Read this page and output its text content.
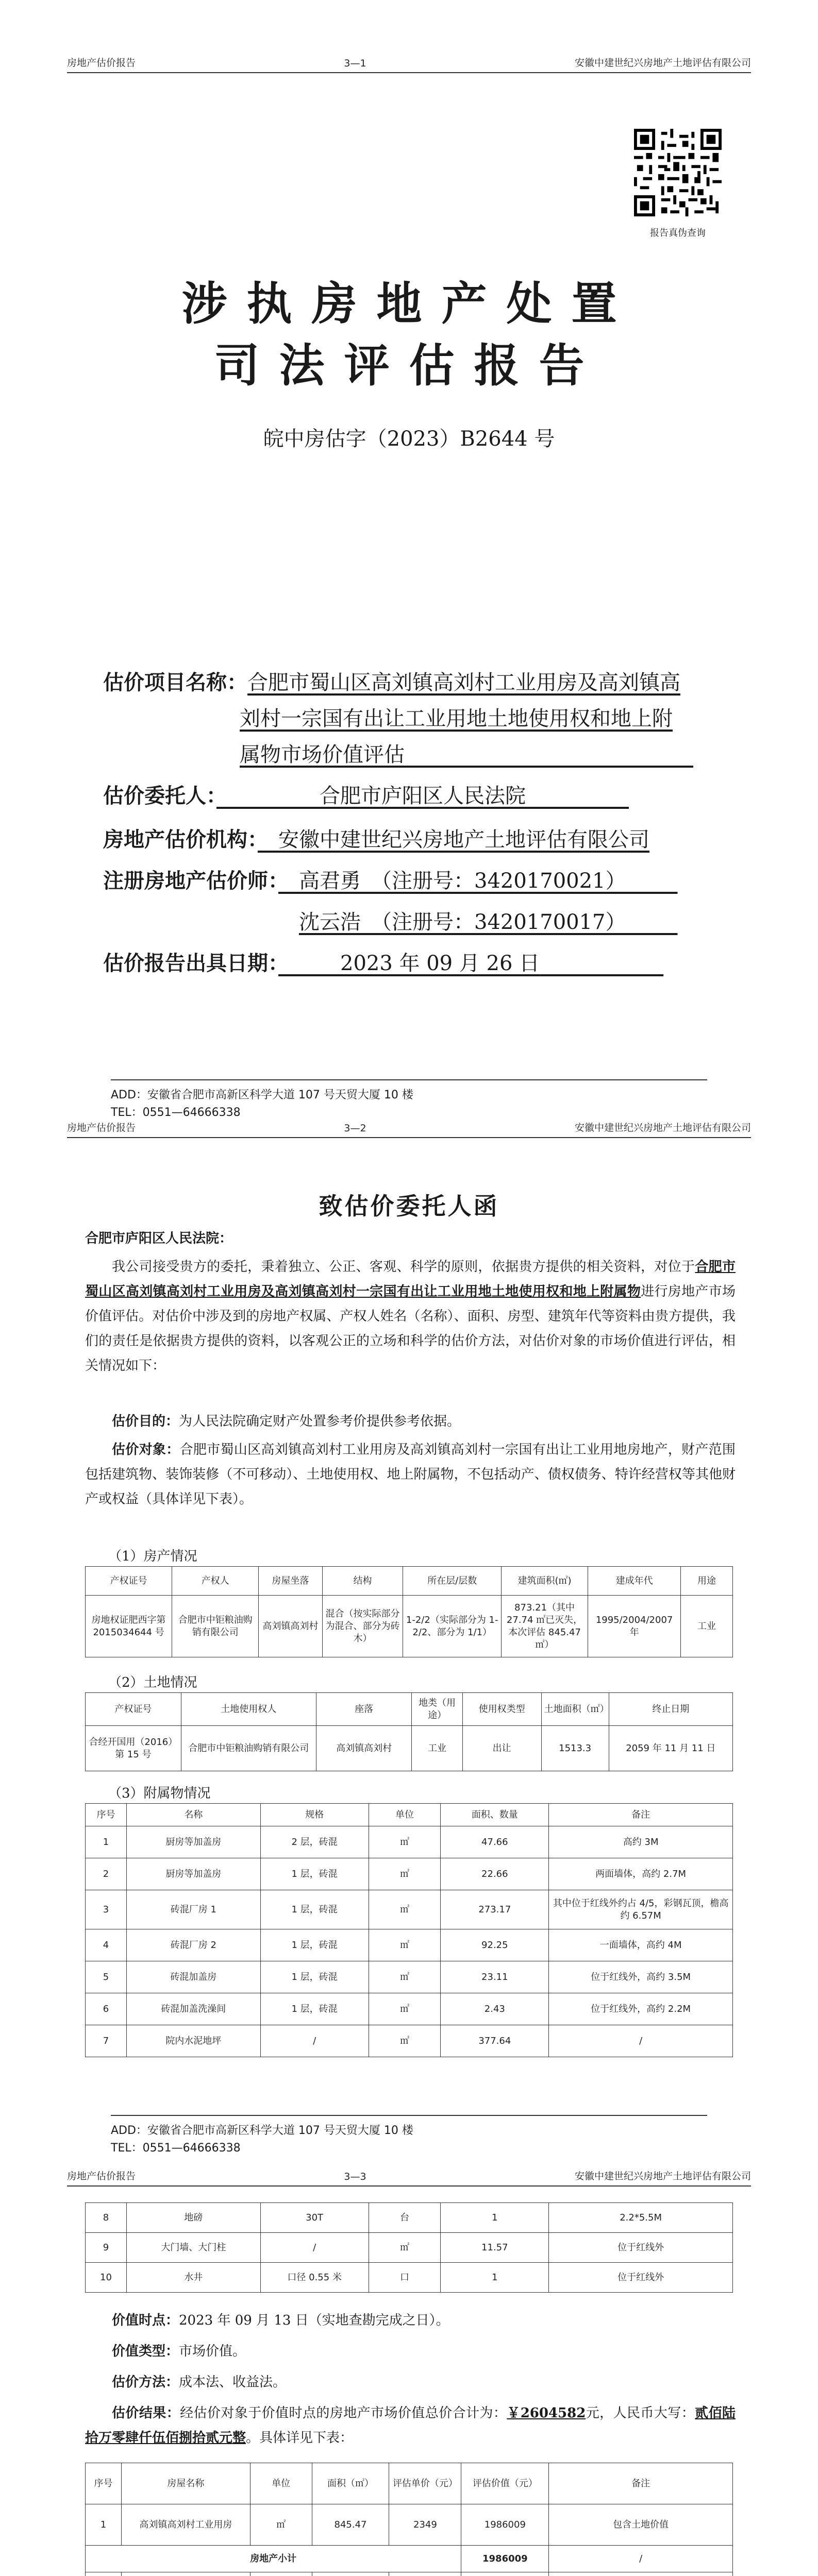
房地产估价报告	3—1	安徽中建世纪兴房地产土地评估有限公司
报告真伪查询
涉执房地产处置
司法评估报告
皖中房估字（2023）B2644 号
估价项目名称：合肥市蜀山区高刘镇高刘村工业用房及高刘镇高
刘村一宗国有出让工业用地土地使用权和地上附
属物市场价值评估　　　　　　　　　　　　　　
估价委托人：　　　　　	合肥市庐阳区人民法院　　　　　
房地产估价机构：　 安徽中建世纪兴房地产土地评估有限公司
注册房地产估价师：　 高君勇　（注册号：3420170021）　　　
沈云浩　（注册号：3420170017）　　　
估价报告出具日期：　　　	2023 年 09 月 26 日　　　　　　
ADD：安徽省合肥市高新区科学大道 107 号天贸大厦 10 楼
TEL：0551—64666338
房地产估价报告	3—2	安徽中建世纪兴房地产土地评估有限公司
致估价委托人函
合肥市庐阳区人民法院：
我公司接受贵方的委托，秉着独立、公正、客观、科学的原则，依据贵方提供的相关资料，对位于合肥市蜀山区高刘镇高刘村工业用房及高刘镇高刘村一宗国有出让工业用地土地使用权和地上附属物进行房地产市场价值评估。对估价中涉及到的房地产权属、产权人姓名（名称）、面积、房型、建筑年代等资料由贵方提供，我们的责任是依据贵方提供的资料，以客观公正的立场和科学的估价方法，对估价对象的市场价值进行评估，相关情况如下：
估价目的：为人民法院确定财产处置参考价提供参考依据。
估价对象：合肥市蜀山区高刘镇高刘村工业用房及高刘镇高刘村一宗国有出让工业用地房地产，财产范围包括建筑物、装饰装修（不可移动）、土地使用权、地上附属物，不包括动产、债权债务、特许经营权等其他财产或权益（具体详见下表）。
（1）房产情况
产权证号	产权人	房屋坐落	结构	所在层/层数	建筑面积(㎡)	建成年代	用途
房地权证肥西字第 2015034644 号	合肥市中钜粮油购销有限公司	高刘镇高刘村	混合（按实际部分为混合、部分为砖木）	1-2/2（实际部分为 1-2/2、部分为 1/1）	873.21（其中 27.74 ㎡已灭失，本次评估 845.47 ㎡）	1995/2004/2007 年	工业
（2）土地情况
产权证号	土地使用权人	座落	地类（用途）	使用权类型	土地面积（㎡）	终止日期
合经开国用（2016）第 15 号	合肥市中钜粮油购销有限公司	高刘镇高刘村	工业	出让	1513.3	2059 年 11 月 11 日
（3）附属物情况
序号	名称	规格	单位	面积、数量	备注
1	厨房等加盖房	2 层，砖混	㎡	47.66	高约 3M
2	厨房等加盖房	1 层，砖混	㎡	22.66	两面墙体，高约 2.7M
3	砖混厂房 1	1 层，砖混	㎡	273.17	其中位于红线外约占 4/5，彩钢瓦顶，檐高约 6.57M
4	砖混厂房 2	1 层，砖混	㎡	92.25	一面墙体，高约 4M
5	砖混加盖房	1 层，砖混	㎡	23.11	位于红线外，高约 3.5M
6	砖混加盖洗澡间	1 层，砖混	㎡	2.43	位于红线外，高约 2.2M
7	院内水泥地坪	/	㎡	377.64	/
ADD：安徽省合肥市高新区科学大道 107 号天贸大厦 10 楼
TEL：0551—64666338
房地产估价报告	3—3	安徽中建世纪兴房地产土地评估有限公司
8	地磅	30T	台	1	2.2*5.5M
9	大门墙、大门柱	/	㎡	11.57	位于红线外
10	水井	口径 0.55 米	口	1	位于红线外
价值时点：2023 年 09 月 13 日（实地查勘完成之日）。
价值类型：市场价值。
估价方法：成本法、收益法。
估价结果：经估价对象于价值时点的房地产市场价值总价合计为：￥2604582元，人民币大写：贰佰陆拾万零肆仟伍佰捌拾贰元整。具体详见下表：
序号	房屋名称	单位	面积（㎡）	评估单价（元）	评估价值（元）	备注
1	高刘镇高刘村工业用房	㎡	845.47	2349	1986009	包含土地价值
房地产小计					1986009	/
